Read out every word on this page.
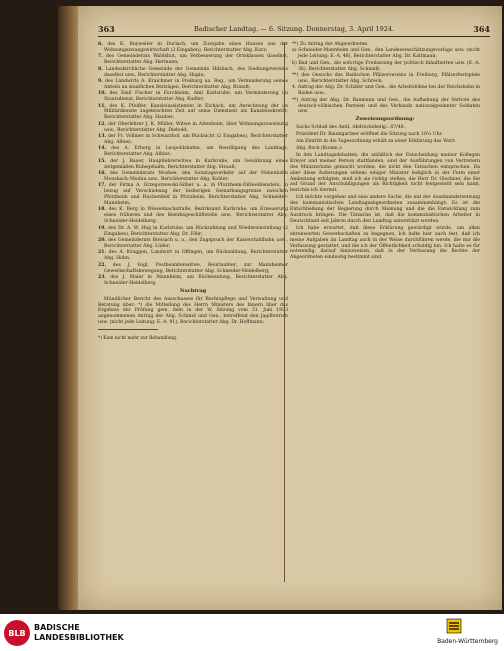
363	Badischer Landtag. — 6. Sitzung. Donnerstag, 3. April 1924.	364
6. des K. Buyweiler in Durlach, um Zuwgabe eines Hauses aus der Wohnungszwangswirtschaft (2 Eingaben), Berichterstatter Abg. Kurz;
7. des Gemeinderats Waldshut, um Verbesserung der Ortsklassen daselbst, Berichterstatter Abg. Hermann;
8. Landeskirchliche Gemeinde der Gemeinde Hilsbach, des Siedlungsvereins daselbst usw., Berichterstatter Abg. Hugin;
9. des Landwirts A. Kraichmer in Freiburg ua. Reg., um Verminderung seines Anteils an staatlichen Beiträgen, Berichterstatter Abg. Brandt;
10. des Emil Fischer in Forchheim, Amt Karlsruhe, um Verminderung im Staatsdienst, Berichterstatter Abg. Kudler;
11. des K. Pfeiffer, Kanzleiassistenten in Eichach, um Anrechnung der im Militärdienste zugebrachten Zeit auf seine Dienstzeit als Kanzleisekretär, Berichterstatter Abg. Hauber;
12. der Oberlehrer J. K. Müller, Witwe in Altenheim, über Wohnungszuweisung usw., Berichterstatter Abg. Diebold;
13. der Fr. Vollmer in Schwarzhof, um Rücksicht (2 Eingaben), Berichterstatter Abg. Albiez;
14. des A. Erberg in Leopoldshafen, um Bewilligung des Landtags, Berichterstatter Abg. Albiez;
15. der J. Bauer, Hauptlehrerwitwe in Karlsruhe, um Gewährung eines zeitgemäßen Ruhegehalts, Berichterstatter Abg. Strauß;
16. des Gemeinderats Moshee, den Sonntagsverkehr auf der Nebenbahn Moosbach–Mudau usw., Berichterstatter Abg. Kohler;
17. der Firma A. Grzegorzewski-Silber u. a. in Pforzheim-Dillweißenstein, in bezug auf Verschiebung der bisherigen Gemarkungsgrenze zwischen Pforzheim und Huchenfeld in Pforzheim, Berichterstatter Abg. Schneider-Mannheim;
18. des K. Berg in Wiesenbachstraße, Bezirksamt Karlsruhe, um Erneuerung eines früheren und des Bezirksgeschäftstelle usw., Berichterstatter Abg. Schneider-Heidelberg;
19. des Dr. A. W. Hug in Karlsruhe, um Rückzahlung und Wiedereinstellung (2 Eingaben), Berichterstatter Abg. Dr. Föhr;
20. des Gemeinderats Breisach u. a., den Zugspruch der Kaiserstuhlbahn usw., Berichterstatter Abg. Lüder;
21. des A. Kruggen, Landwirt in Offingen, um Rückzahlung, Berichterstatter Abg. Hohn;
22. des J. Vogl, Postbeamtenwitwe, Beurlaubter, zur Mannheimer Gewerkschaftsbewegung, Berichterstatter Abg. Schneider-Heidelberg;
23. des J. Maier in Mannheim, um Rücksendung, Berichterstatter Abg. Schneider-Heidelberg.
Nachtrag
Mündlicher Bericht des Ausschusses für Rechtspflege und Verwaltung und Beratung über: *) die Mitteilung des Herrn Ministers des Innern über das Ergebnis der Prüfung gem. dem in der W. Sitzung vom 31. Juni 1923 angenommenen Antrag der Abg. Schmid und Gen., betreffend den Jagdbetrieb usw. (nicht jede Leitung: E.-A. 91), Berichterstatter Abg. Dr. Hoffmann;
*) Kam nicht mehr zur Behandlung.
**) Zu Antrag der Abgeordneten
a) Schneider-Mannheim und Gen., den Landeseinschätzungsvorlage usw. (nicht jede Leitung: E.-A. 46), Berichterstatter Abg. Dr. Kaltmann;
b) Bad und Gen., die sofortige Freilassung der politisch Inhaftierten usw. (E.-A. 36), Berichterstatter Abg. Schmidt;
**) des Gesuchs des Badischen Pfälzervereins in Freiburg, Pfälzerfestspiele usw., Berichterstatter Abg. Schreck;
4. Antrag der Abg. Dr. Schäfer und Gen., die Arbeitslöhne bei der Reichsbahn in Baden usw.;
**) Antrag der Abg. Dr. Baumann und Gen., die Aufhebung der Verbote des deutsch-völkischen Parteien und des Verbands nationalgesinnter Soldaten usw.
Zuweisungsordnung:
Sachs Schluß des Amtl. Abdrucksbeilg.: 87/48.
Präsident Dr. Baumgartner eröffnet die Sitzung nach 10¼ Uhr.
Am Eintritt in die Tagesordnung erhält zu einer Erklärung das Wort:
Abg. Bock (Komm.):
In den Landtagsdebatten, die anläßlich der Entscheidung meiner Kollegen Kreyer und meiner Person stattfanden, sind der Ausführungen von Vertretern des Ministeriums gemacht worden, die nicht den Tatsachen entsprechen. Da aber diese Äußerungen seitens einiger Minister lediglich in der Form einer Andeutung erfolgten, muß ich sie richtig stellen, die Herr Dr. Glockner, die Sie auf Grund der Anschuldigungen als Richtigkeit nicht festgestellt sein kann, berichte ich hiermit.
Ich möchte vorgehen und eine andere Sache, die mit der Auseinandersetzung des kommunistischen Landtagsabgeordneten zusammenhängt: Es ist die Entschließung der Regierung durch Meinung und die die Entwicklung zum Ausdruck bringen. Die Tatsache ist, daß die kommunistischen Arbeiter in Deutschland seit Jahren durch den Landtag unterstützt worden.
Ich habe erwartet, daß diese Erklärung gewürdigt würde, um allen ehrenwerten Gewerkschaften zu begegnen. Ich halte hier auch fest, daß ich meine Aufgaben im Landtag auch in der Weise durchführen werde, die mir die Verfassung gestattet, und die ich der Öffentlichkeit schuldig bin. Ich halte es für notwendig, darauf hinzuweisen, daß in der Verfassung die Rechte der Abgeordneten eindeutig bestimmt sind.
BLB
BADISCHE
LANDESBIBLIOTHEK	Baden-Württemberg
